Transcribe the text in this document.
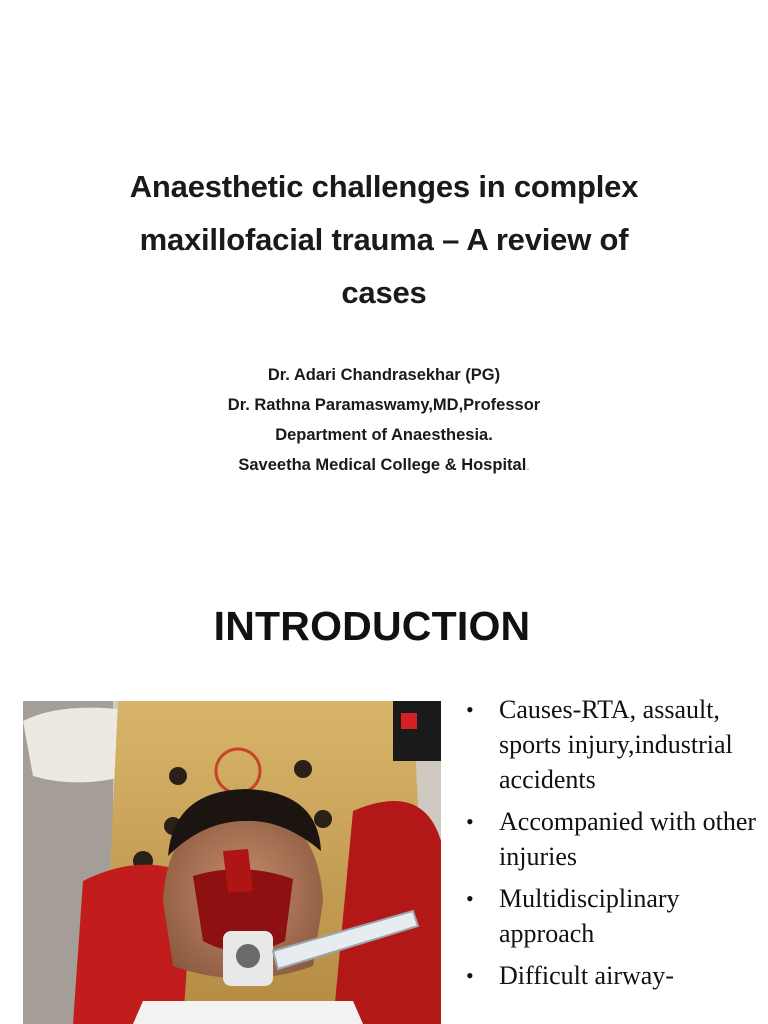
Anaesthetic challenges in complex
maxillofacial trauma – A review of
cases
Dr. Adari Chandrasekhar (PG)
Dr. Rathna Paramaswamy,MD,Professor
Department of Anaesthesia.
Saveetha Medical College & Hospital.
INTRODUCTION
• Causes-RTA, assault, sports injury,industrial accidents
• Accompanied with other injuries
• Multidisciplinary approach
• Difficult airway-
